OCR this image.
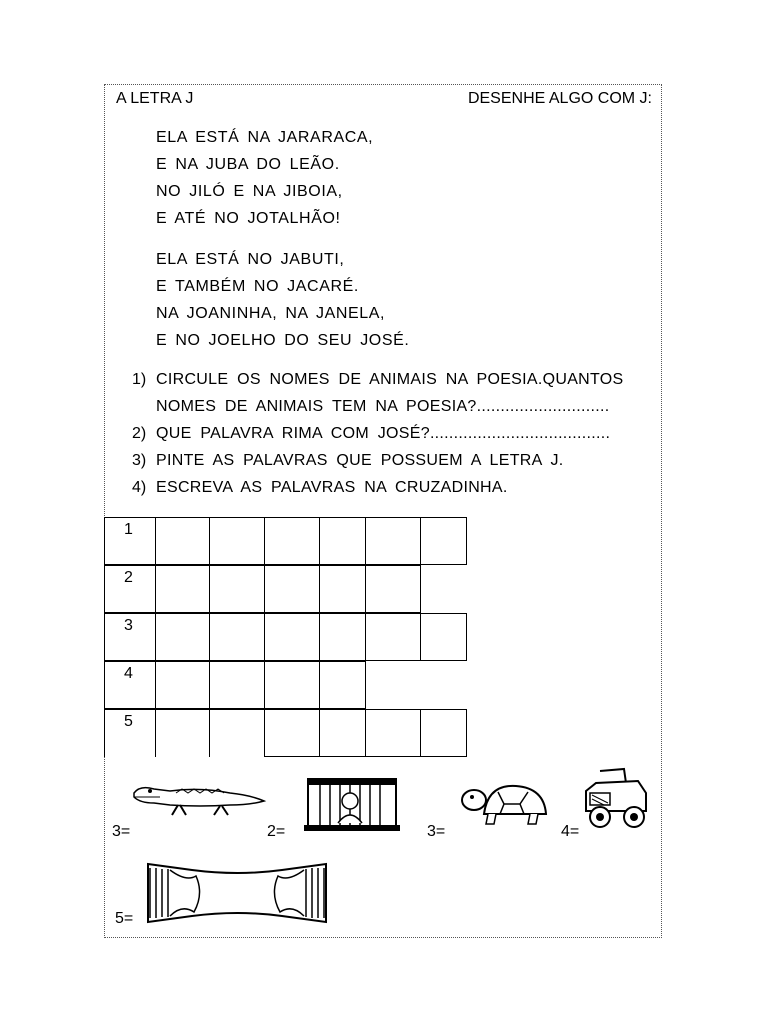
A LETRA J	DESENHE ALGO COM J:
ELA ESTÁ NA JARARACA,
E NA JUBA DO LEÃO.
NO JILÓ E NA JIBOIA,
E ATÉ NO JOTALHÃO!
ELA ESTÁ NO JABUTI,
E TAMBÉM NO JACARÉ.
NA JOANINHA, NA JANELA,
E NO JOELHO DO SEU JOSÉ.
1) CIRCULE OS NOMES DE ANIMAIS NA POESIA.QUANTOS
NOMES DE ANIMAIS TEM NA POESIA?............................
2) QUE PALAVRA RIMA COM JOSÉ?......................................
3) PINTE AS PALAVRAS QUE POSSUEM A LETRA J.
4) ESCREVA AS PALAVRAS NA CRUZADINHA.
1
2
3
4
5
3=	2=	3=	4=
5=
